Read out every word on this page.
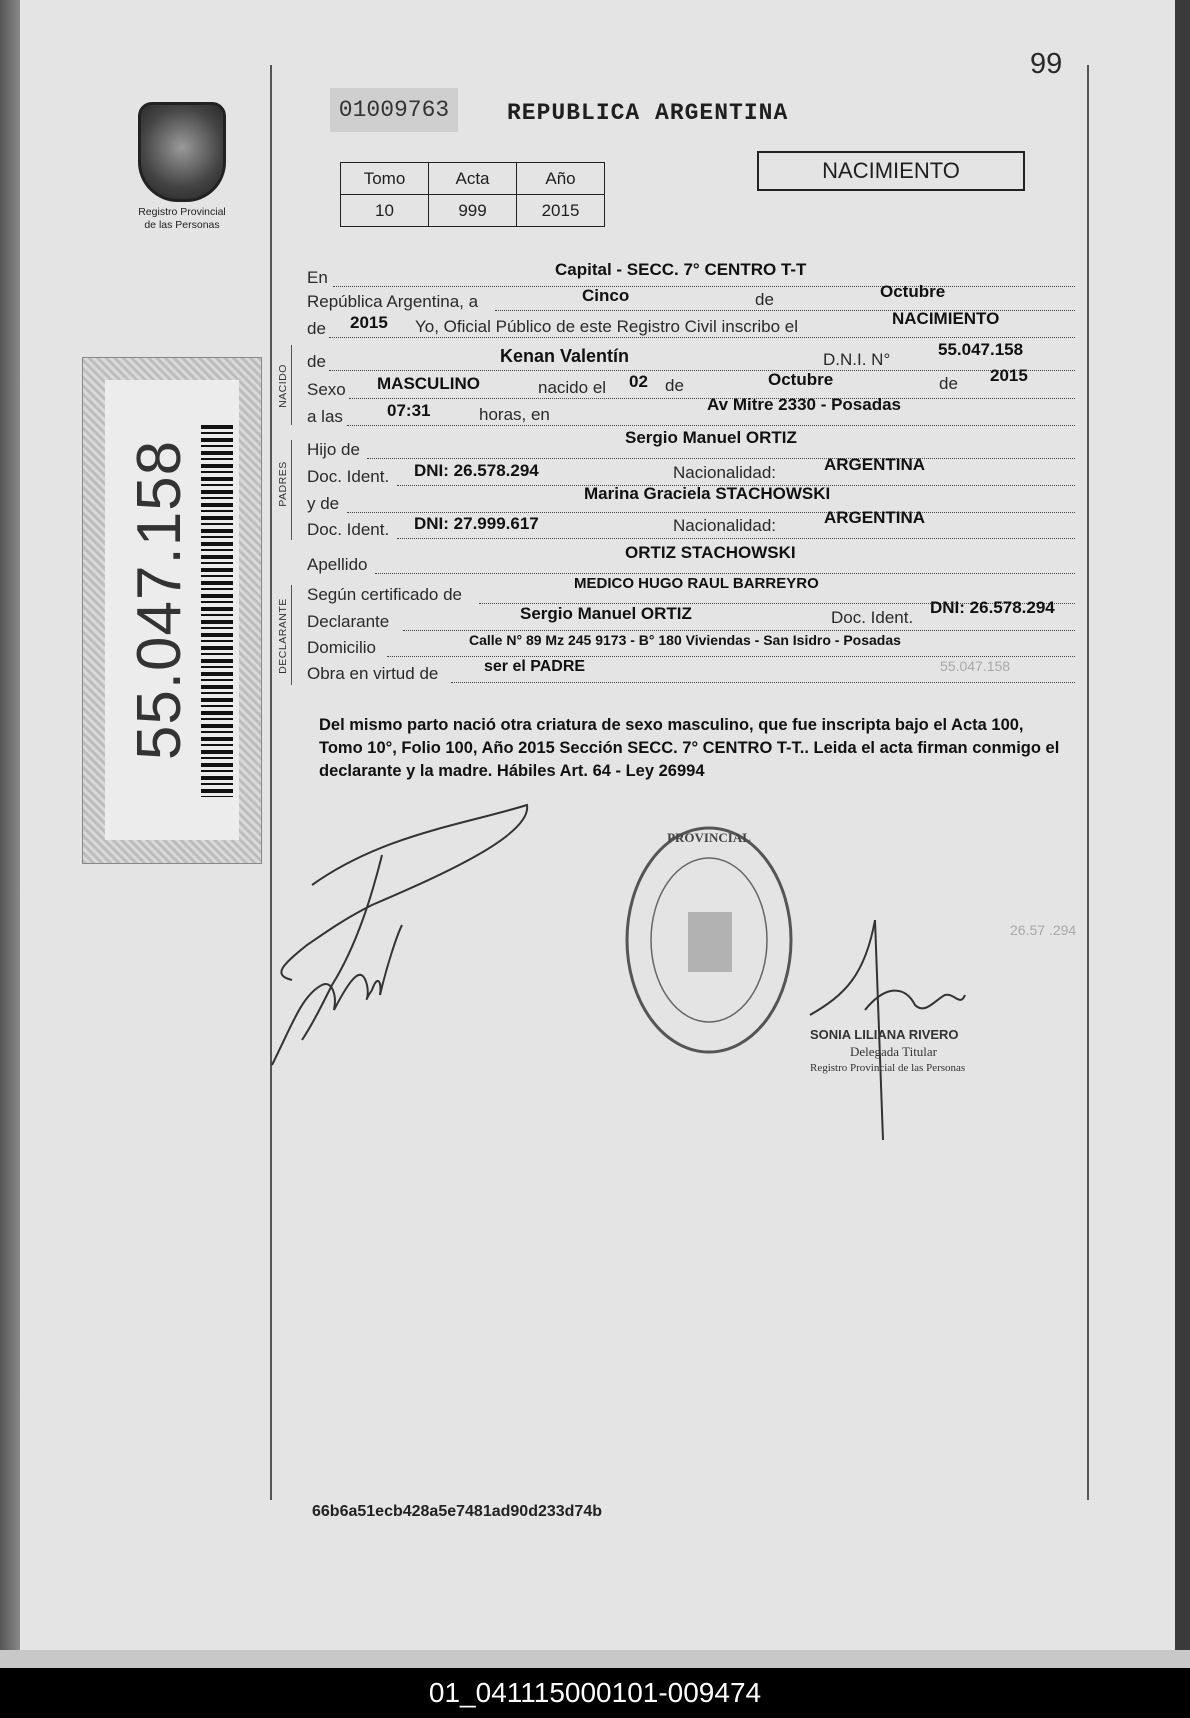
99
Registro Provincial de las Personas
01009763	REPUBLICA ARGENTINA
Tomo	Acta	Año
10	999	2015
NACIMIENTO
55.047.158
NACIDO
PADRES
DECLARANTE
En	Capital - SECC. 7° CENTRO T-T
República Argentina, a	Cinco	de	Octubre
de 2015 Yo, Oficial Público de este Registro Civil inscribo el	NACIMIENTO
de	Kenan Valentín	D.N.I. N°
55.047.158
Sexo MASCULINO	nacido el 02 de	Octubre	de 2015
a las	07:31	horas, en
Av Mitre 2330 - Posadas
Hijo de
Sergio Manuel ORTIZ
Doc. Ident. DNI: 26.578.294	Nacionalidad:	ARGENTINA
y de
Marina Graciela STACHOWSKI
Doc. Ident. DNI: 27.999.617	Nacionalidad:	ARGENTINA
Apellido
ORTIZ STACHOWSKI
Según certificado de
MEDICO HUGO RAUL BARREYRO
Declarante	Sergio Manuel ORTIZ	Doc. Ident.
DNI: 26.578.294
Domicilio	Calle N° 89 Mz 245 9173 - B° 180 Viviendas - San Isidro - Posadas
Obra en virtud de	ser el PADRE	55.047.158
Del mismo parto nació otra criatura de sexo masculino, que fue inscripta bajo el Acta 100, Tomo 10°, Folio 100, Año 2015 Sección SECC. 7° CENTRO T-T.. Leida el acta firman conmigo el declarante y la madre. Hábiles Art. 64 - Ley 26994
PROVINCIAL
SONIA LILIANA RIVERO
Delegada Titular
Registro Provincial de las Personas
26.57 .294
66b6a51ecb428a5e7481ad90d233d74b
01_041115000101-009474
